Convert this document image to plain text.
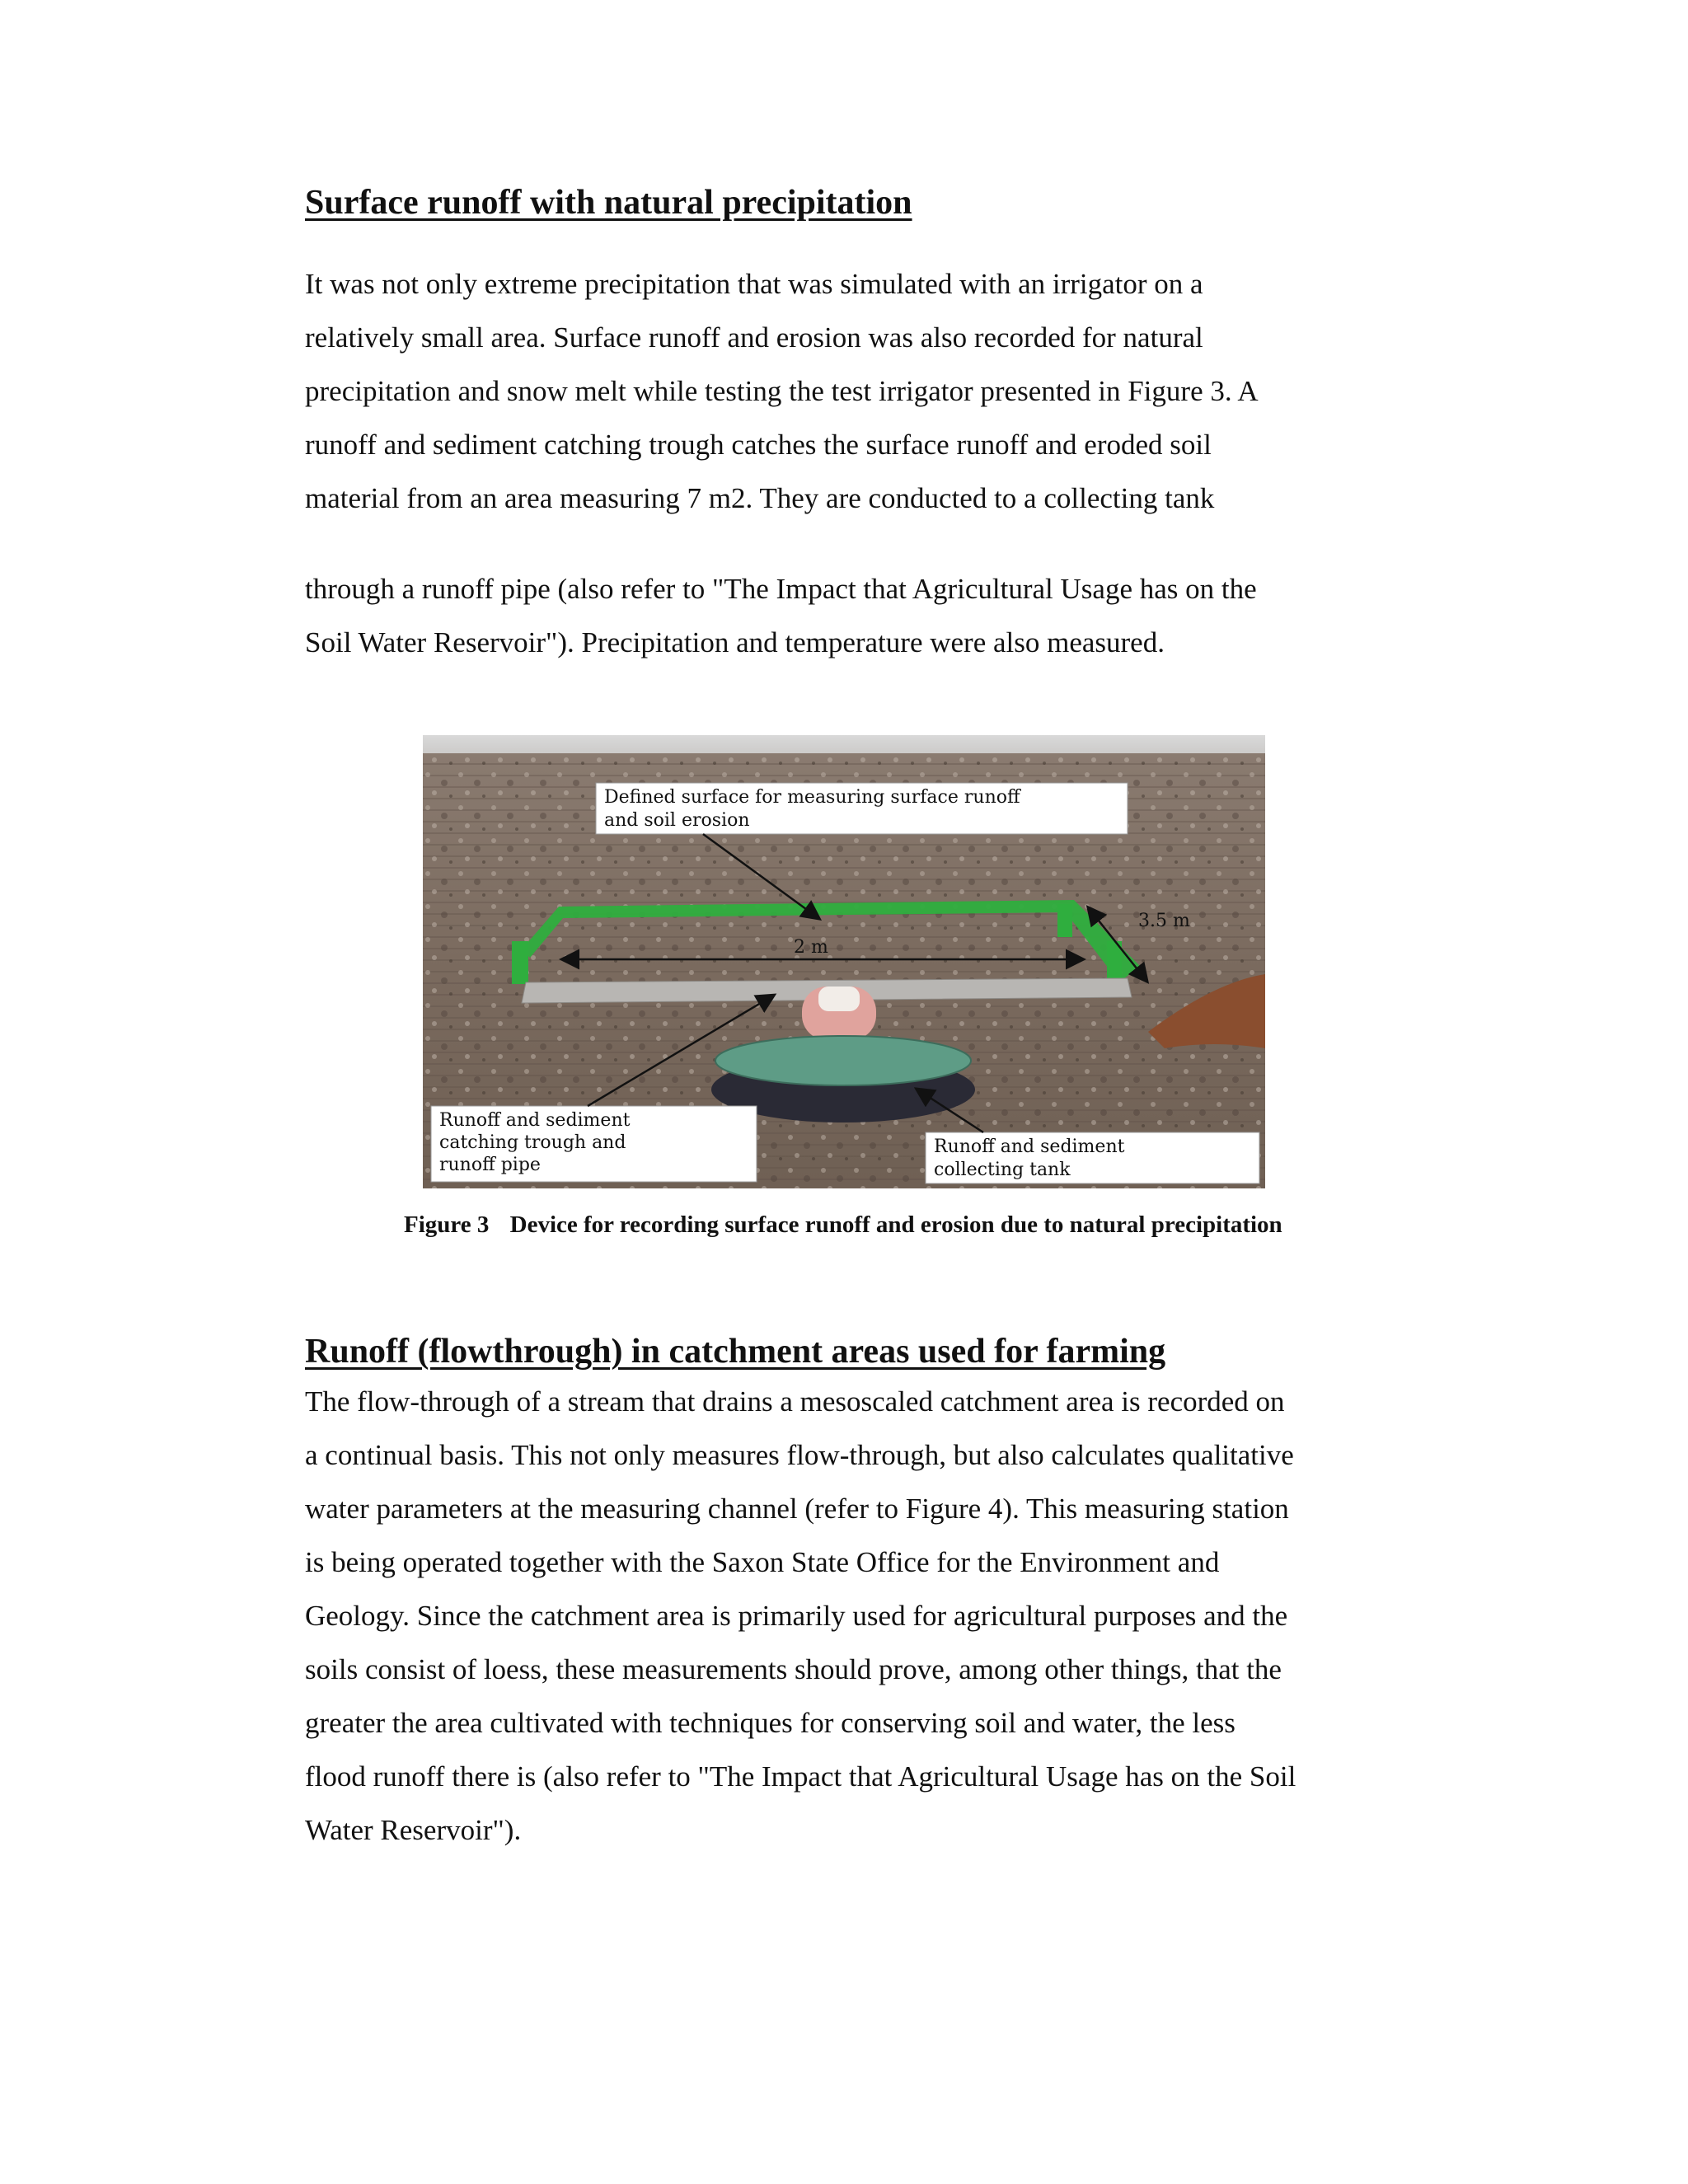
Surface runoff with natural precipitation
It was not only extreme precipitation that was simulated with an irrigator on a
relatively small area. Surface runoff and erosion was also recorded for natural
precipitation and snow melt while testing the test irrigator presented in Figure 3. A
runoff and sediment catching trough catches the surface runoff and eroded soil
material from an area measuring 7 m2. They are conducted to a collecting tank
through a runoff pipe (also refer to "The Impact that Agricultural Usage has on the
Soil Water Reservoir"). Precipitation and temperature were also measured.
2 m
3.5 m
Defined surface for measuring surface runoff
and soil erosion
Runoff and sediment
catching trough and
runoff pipe
Runoff and sediment
collecting tank

Figure 3 Device for recording surface runoff and erosion due to natural precipitation

Runoff (flowthrough) in catchment areas used for farming
The flow-through of a stream that drains a mesoscaled catchment area is recorded on
a continual basis. This not only measures flow-through, but also calculates qualitative
water parameters at the measuring channel (refer to Figure 4). This measuring station
is being operated together with the Saxon State Office for the Environment and
Geology. Since the catchment area is primarily used for agricultural purposes and the
soils consist of loess, these measurements should prove, among other things, that the
greater the area cultivated with techniques for conserving soil and water, the less
flood runoff there is (also refer to "The Impact that Agricultural Usage has on the Soil
Water Reservoir").
